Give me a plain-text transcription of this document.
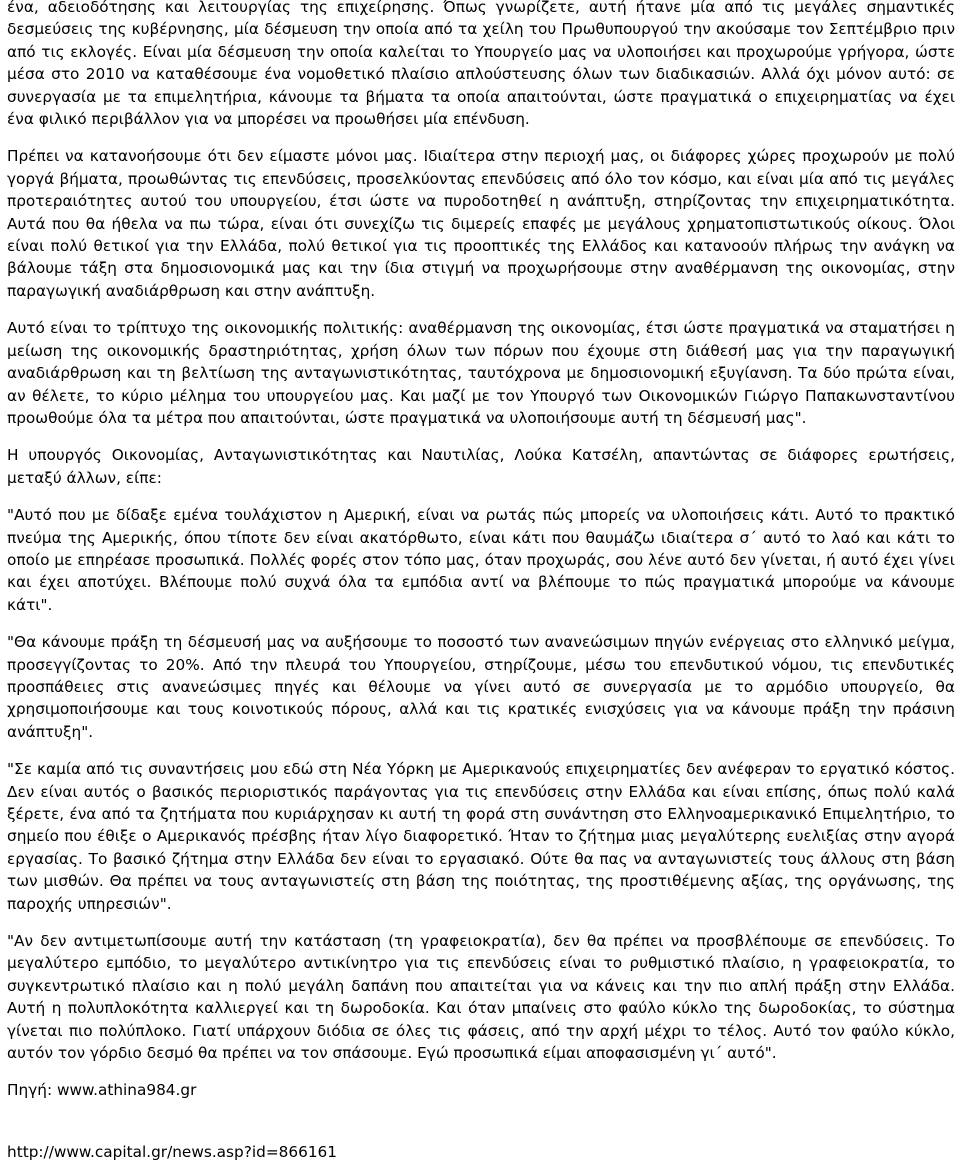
ένα, αδειοδότησης και λειτουργίας της επιχείρησης. Όπως γνωρίζετε, αυτή ήτανε μία από τις μεγάλες σημαντικές δεσμεύσεις της κυβέρνησης, μία δέσμευση την οποία από τα χείλη του Πρωθυπουργού την ακούσαμε τον Σεπτέμβριο πριν από τις εκλογές. Είναι μία δέσμευση την οποία καλείται το Υπουργείο μας να υλοποιήσει και προχωρούμε γρήγορα, ώστε μέσα στο 2010 να καταθέσουμε ένα νομοθετικό πλαίσιο απλούστευσης όλων των διαδικασιών. Αλλά όχι μόνον αυτό: σε συνεργασία με τα επιμελητήρια, κάνουμε τα βήματα τα οποία απαιτούνται, ώστε πραγματικά ο επιχειρηματίας να έχει ένα φιλικό περιβάλλον για να μπορέσει να προωθήσει μία επένδυση.

Πρέπει να κατανοήσουμε ότι δεν είμαστε μόνοι μας. Ιδιαίτερα στην περιοχή μας, οι διάφορες χώρες προχωρούν με πολύ γοργά βήματα, προωθώντας τις επενδύσεις, προσελκύοντας επενδύσεις από όλο τον κόσμο, και είναι μία από τις μεγάλες προτεραιότητες αυτού του υπουργείου, έτσι ώστε να πυροδοτηθεί η ανάπτυξη, στηρίζοντας την επιχειρηματικότητα. Αυτά που θα ήθελα να πω τώρα, είναι ότι συνεχίζω τις διμερείς επαφές με μεγάλους χρηματοπιστωτικούς οίκους. Όλοι είναι πολύ θετικοί για την Ελλάδα, πολύ θετικοί για τις προοπτικές της Ελλάδος και κατανοούν πλήρως την ανάγκη να βάλουμε τάξη στα δημοσιονομικά μας και την ίδια στιγμή να προχωρήσουμε στην αναθέρμανση της οικονομίας, στην παραγωγική αναδιάρθρωση και στην ανάπτυξη.

Αυτό είναι το τρίπτυχο της οικονομικής πολιτικής: αναθέρμανση της οικονομίας, έτσι ώστε πραγματικά να σταματήσει η μείωση της οικονομικής δραστηριότητας, χρήση όλων των πόρων που έχουμε στη διάθεσή μας για την παραγωγική αναδιάρθρωση και τη βελτίωση της ανταγωνιστικότητας, ταυτόχρονα με δημοσιονομική εξυγίανση. Τα δύο πρώτα είναι, αν θέλετε, το κύριο μέλημα του υπουργείου μας. Και μαζί με τον Υπουργό των Οικονομικών Γιώργο Παπακωνσταντίνου προωθούμε όλα τα μέτρα που απαιτούνται, ώστε πραγματικά να υλοποιήσουμε αυτή τη δέσμευσή μας".

Η υπουργός Οικονομίας, Ανταγωνιστικότητας και Ναυτιλίας, Λούκα Κατσέλη, απαντώντας σε διάφορες ερωτήσεις, μεταξύ άλλων, είπε:

"Αυτό που με δίδαξε εμένα τουλάχιστον η Αμερική, είναι να ρωτάς πώς μπορείς να υλοποιήσεις κάτι. Αυτό το πρακτικό πνεύμα της Αμερικής, όπου τίποτε δεν είναι ακατόρθωτο, είναι κάτι που θαυμάζω ιδιαίτερα σ΄ αυτό το λαό και κάτι το οποίο με επηρέασε προσωπικά. Πολλές φορές στον τόπο μας, όταν προχωράς, σου λένε αυτό δεν γίνεται, ή αυτό έχει γίνει και έχει αποτύχει. Βλέπουμε πολύ συχνά όλα τα εμπόδια αντί να βλέπουμε το πώς πραγματικά μπορούμε να κάνουμε κάτι".

"Θα κάνουμε πράξη τη δέσμευσή μας να αυξήσουμε το ποσοστό των ανανεώσιμων πηγών ενέργειας στο ελληνικό μείγμα, προσεγγίζοντας το 20%. Από την πλευρά του Υπουργείου, στηρίζουμε, μέσω του επενδυτικού νόμου, τις επενδυτικές προσπάθειες στις ανανεώσιμες πηγές και θέλουμε να γίνει αυτό σε συνεργασία με το αρμόδιο υπουργείο, θα χρησιμοποιήσουμε και τους κοινοτικούς πόρους, αλλά και τις κρατικές ενισχύσεις για να κάνουμε πράξη την πράσινη ανάπτυξη".

"Σε καμία από τις συναντήσεις μου εδώ στη Νέα Υόρκη με Αμερικανούς επιχειρηματίες δεν ανέφεραν το εργατικό κόστος. Δεν είναι αυτός ο βασικός περιοριστικός παράγοντας για τις επενδύσεις στην Ελλάδα και είναι επίσης, όπως πολύ καλά ξέρετε, ένα από τα ζητήματα που κυριάρχησαν κι αυτή τη φορά στη συνάντηση στο Ελληνοαμερικανικό Επιμελητήριο, το σημείο που έθιξε ο Αμερικανός πρέσβης ήταν λίγο διαφορετικό. Ήταν το ζήτημα μιας μεγαλύτερης ευελιξίας στην αγορά εργασίας. Το βασικό ζήτημα στην Ελλάδα δεν είναι το εργασιακό. Ούτε θα πας να ανταγωνιστείς τους άλλους στη βάση των μισθών. Θα πρέπει να τους ανταγωνιστείς στη βάση της ποιότητας, της προστιθέμενης αξίας, της οργάνωσης, της παροχής υπηρεσιών".

"Αν δεν αντιμετωπίσουμε αυτή την κατάσταση (τη γραφειοκρατία), δεν θα πρέπει να προσβλέπουμε σε επενδύσεις. Το μεγαλύτερο εμπόδιο, το μεγαλύτερο αντικίνητρο για τις επενδύσεις είναι το ρυθμιστικό πλαίσιο, η γραφειοκρατία, το συγκεντρωτικό πλαίσιο και η πολύ μεγάλη δαπάνη που απαιτείται για να κάνεις και την πιο απλή πράξη στην Ελλάδα. Αυτή η πολυπλοκότητα καλλιεργεί και τη δωροδοκία. Και όταν μπαίνεις στο φαύλο κύκλο της δωροδοκίας, το σύστημα γίνεται πιο πολύπλοκο. Γιατί υπάρχουν διόδια σε όλες τις φάσεις, από την αρχή μέχρι το τέλος. Αυτό τον φαύλο κύκλο, αυτόν τον γόρδιο δεσμό θα πρέπει να τον σπάσουμε. Εγώ προσωπικά είμαι αποφασισμένη γι΄ αυτό".

Πηγή: www.athina984.gr

http://www.capital.gr/news.asp?id=866161
